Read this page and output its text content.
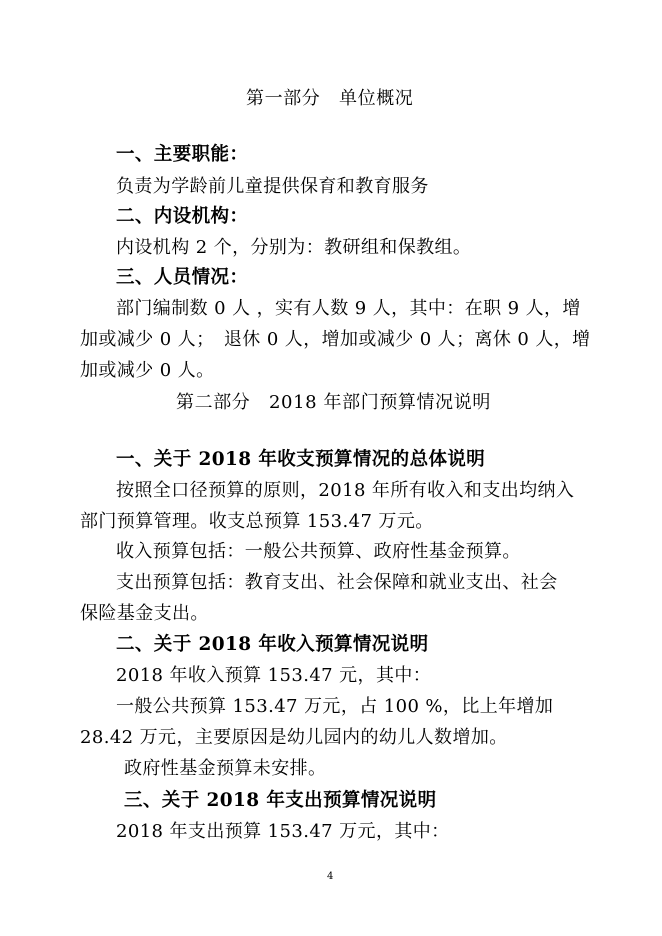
第一部分　单位概况
一、主要职能：
负责为学龄前儿童提供保育和教育服务
二、内设机构：
内设机构 2 个，分别为：教研组和保教组。
三、人员情况：
部门编制数 0 人 ，实有人数 9 人，其中：在职 9 人，增
加或减少 0 人；　退休 0 人，增加或减少 0 人；离休 0 人，增
加或减少 0 人。
第二部分　2018 年部门预算情况说明
一、关于 2018 年收支预算情况的总体说明
按照全口径预算的原则，2018 年所有收入和支出均纳入
部门预算管理。收支总预算 153.47 万元。
收入预算包括：一般公共预算、政府性基金预算。
支出预算包括：教育支出、社会保障和就业支出、社会
保险基金支出。
二、关于 2018 年收入预算情况说明
2018 年收入预算 153.47 元，其中：
一般公共预算 153.47 万元，占 100 %，比上年增加
28.42 万元，主要原因是幼儿园内的幼儿人数增加。
政府性基金预算未安排。
三、关于 2018 年支出预算情况说明
2018 年支出预算 153.47 万元，其中：
4
